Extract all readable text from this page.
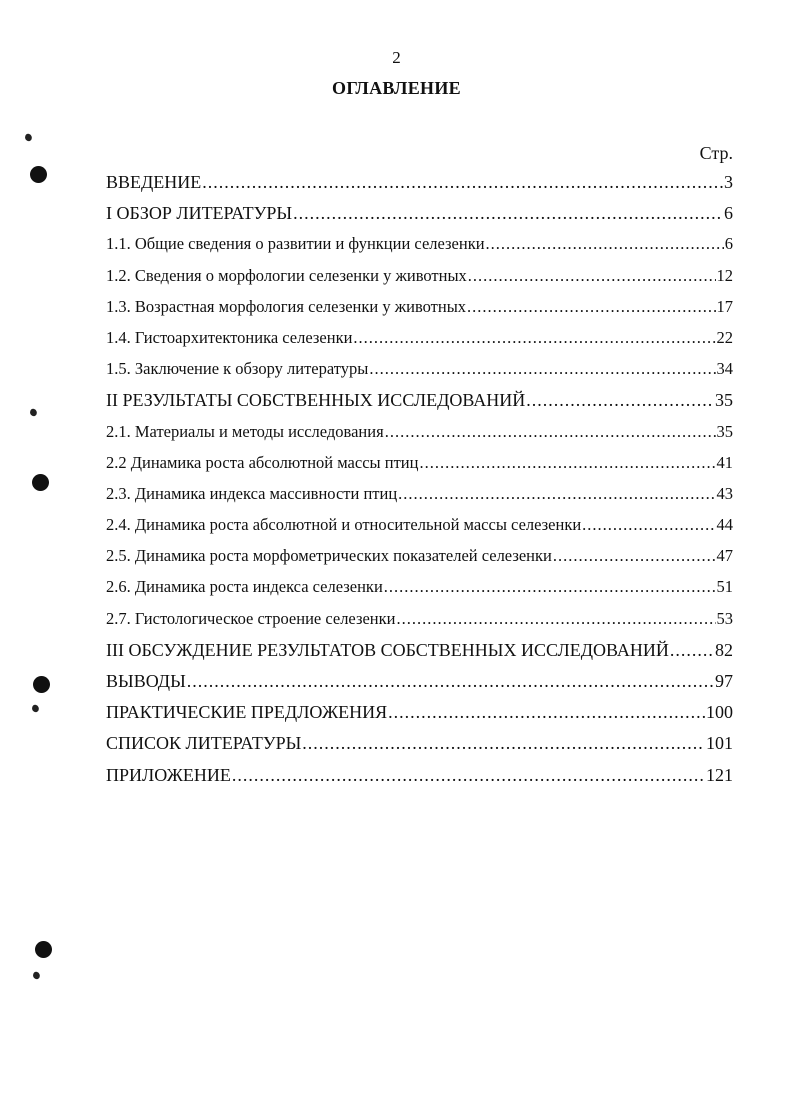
2
ОГЛАВЛЕНИЕ
Стр.
ВВЕДЕНИЕ .....	3
I ОБЗОР ЛИТЕРАТУРЫ .....	6
1.1. Общие сведения о развитии и функции селезенки .....	6
1.2. Сведения о морфологии селезенки у животных .....	12
1.3. Возрастная морфология селезенки у животных .....	17
1.4. Гистоархитектоника селезенки .....	22
1.5. Заключение к обзору литературы .....	34
II РЕЗУЛЬТАТЫ СОБСТВЕННЫХ ИССЛЕДОВАНИЙ .....	35
2.1. Материалы и методы исследования .....	35
2.2 Динамика роста абсолютной массы птиц .....	41
2.3. Динамика индекса массивности птиц .....	43
2.4. Динамика роста абсолютной и относительной массы селезенки .....	44
2.5. Динамика роста морфометрических показателей селезенки .....	47
2.6. Динамика роста индекса селезенки .....	51
2.7. Гистологическое строение селезенки .....	53
III ОБСУЖДЕНИЕ РЕЗУЛЬТАТОВ СОБСТВЕННЫХ ИССЛЕДОВАНИЙ .....	82
ВЫВОДЫ .....	97
ПРАКТИЧЕСКИЕ ПРЕДЛОЖЕНИЯ .....	100
СПИСОК ЛИТЕРАТУРЫ .....	101
ПРИЛОЖЕНИЕ .....	121
